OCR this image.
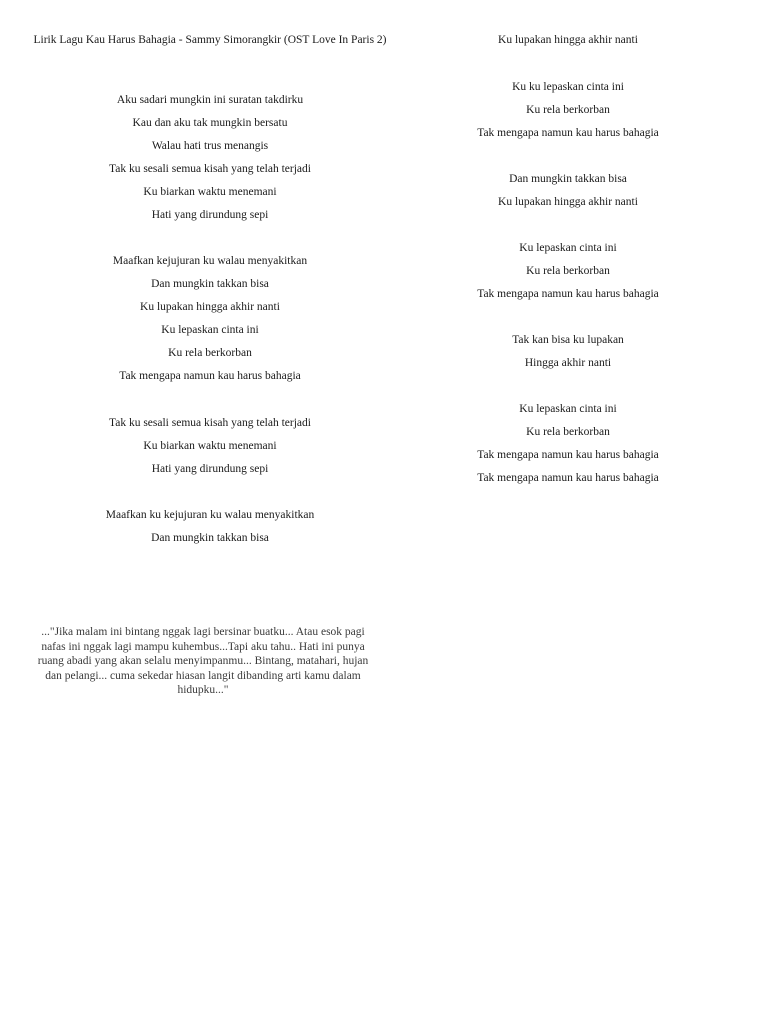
Lirik Lagu Kau Harus Bahagia - Sammy Simorangkir (OST Love In Paris 2)
Aku sadari mungkin ini suratan takdirku
Kau dan aku tak mungkin bersatu
Walau hati trus menangis
Tak ku sesali semua kisah yang telah terjadi
Ku biarkan waktu menemani
Hati yang dirundung sepi
Maafkan kejujuran ku walau menyakitkan
Dan mungkin takkan bisa
Ku lupakan hingga akhir nanti
Ku lepaskan cinta ini
Ku rela berkorban
Tak mengapa namun kau harus bahagia
Tak ku sesali semua kisah yang telah terjadi
Ku biarkan waktu menemani
Hati yang dirundung sepi
Maafkan ku kejujuran ku walau menyakitkan
Dan mungkin takkan bisa
Ku lupakan hingga akhir nanti
Ku ku lepaskan cinta ini
Ku rela berkorban
Tak mengapa namun kau harus bahagia
Dan mungkin takkan bisa
Ku lupakan hingga akhir nanti
Ku lepaskan cinta ini
Ku rela berkorban
Tak mengapa namun kau harus bahagia
Tak kan bisa ku lupakan
Hingga akhir nanti
Ku lepaskan cinta ini
Ku rela berkorban
Tak mengapa namun kau harus bahagia
Tak mengapa namun kau harus bahagia
..."Jika malam ini bintang nggak lagi bersinar buatku... Atau esok pagi nafas ini nggak lagi mampu kuhembus...Tapi aku tahu.. Hati ini punya ruang abadi yang akan selalu menyimpanmu... Bintang, matahari, hujan dan pelangi... cuma sekedar hiasan langit dibanding arti kamu dalam hidupku..."
